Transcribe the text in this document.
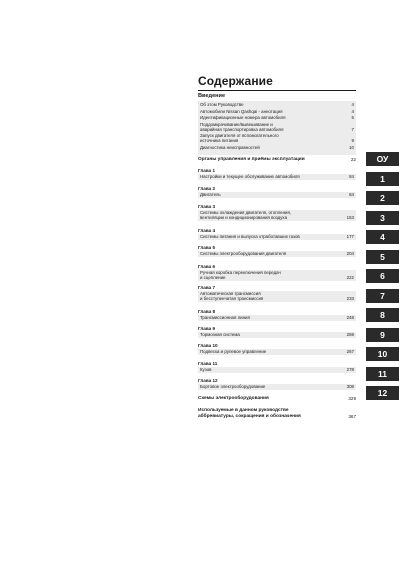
Содержание
Введение
Об этом Руководстве	4
Автомобили Nissan Qashqai - аннотация	4
Идентификационные номера автомобиля	5
Поддомкрачивание/вывешивание и
аварийная транспортировка автомобиля	7
Запуск двигателя от вспомогательного
источника питания	9
Диагностика неисправностей	10
Органы управления и приёмы эксплуатации	22
Глава 1
Настройки и текущее обслуживание автомобиля	84
Глава 2
Двигатель	84
Глава 3
Системы охлаждения двигателя, отопления,
вентиляции и кондиционирования воздуха	153
Глава 4
Системы питания и выпуска отработавших газов	177
Глава 5
Системы электрооборудования двигателя	204
Глава 6
Ручная коробка переключения передач
и сцепление	222
Глава 7
Автоматическая трансмиссия
и бесступенчатая трансмиссия	233
Глава 8
Трансмиссионная линия	248
Глава 9
Тормозная система	259
Глава 10
Подвеска и рулевое управление	267
Глава 11
Кузов	278
Глава 12
Бортовое электрооборудование	308
Схемы электрооборудования	329
Используемые в данном руководстве
аббревиатуры, сокращения и обозначения	367
ОУ
1
2
3
4
5
6
7
8
9
10
11
12
